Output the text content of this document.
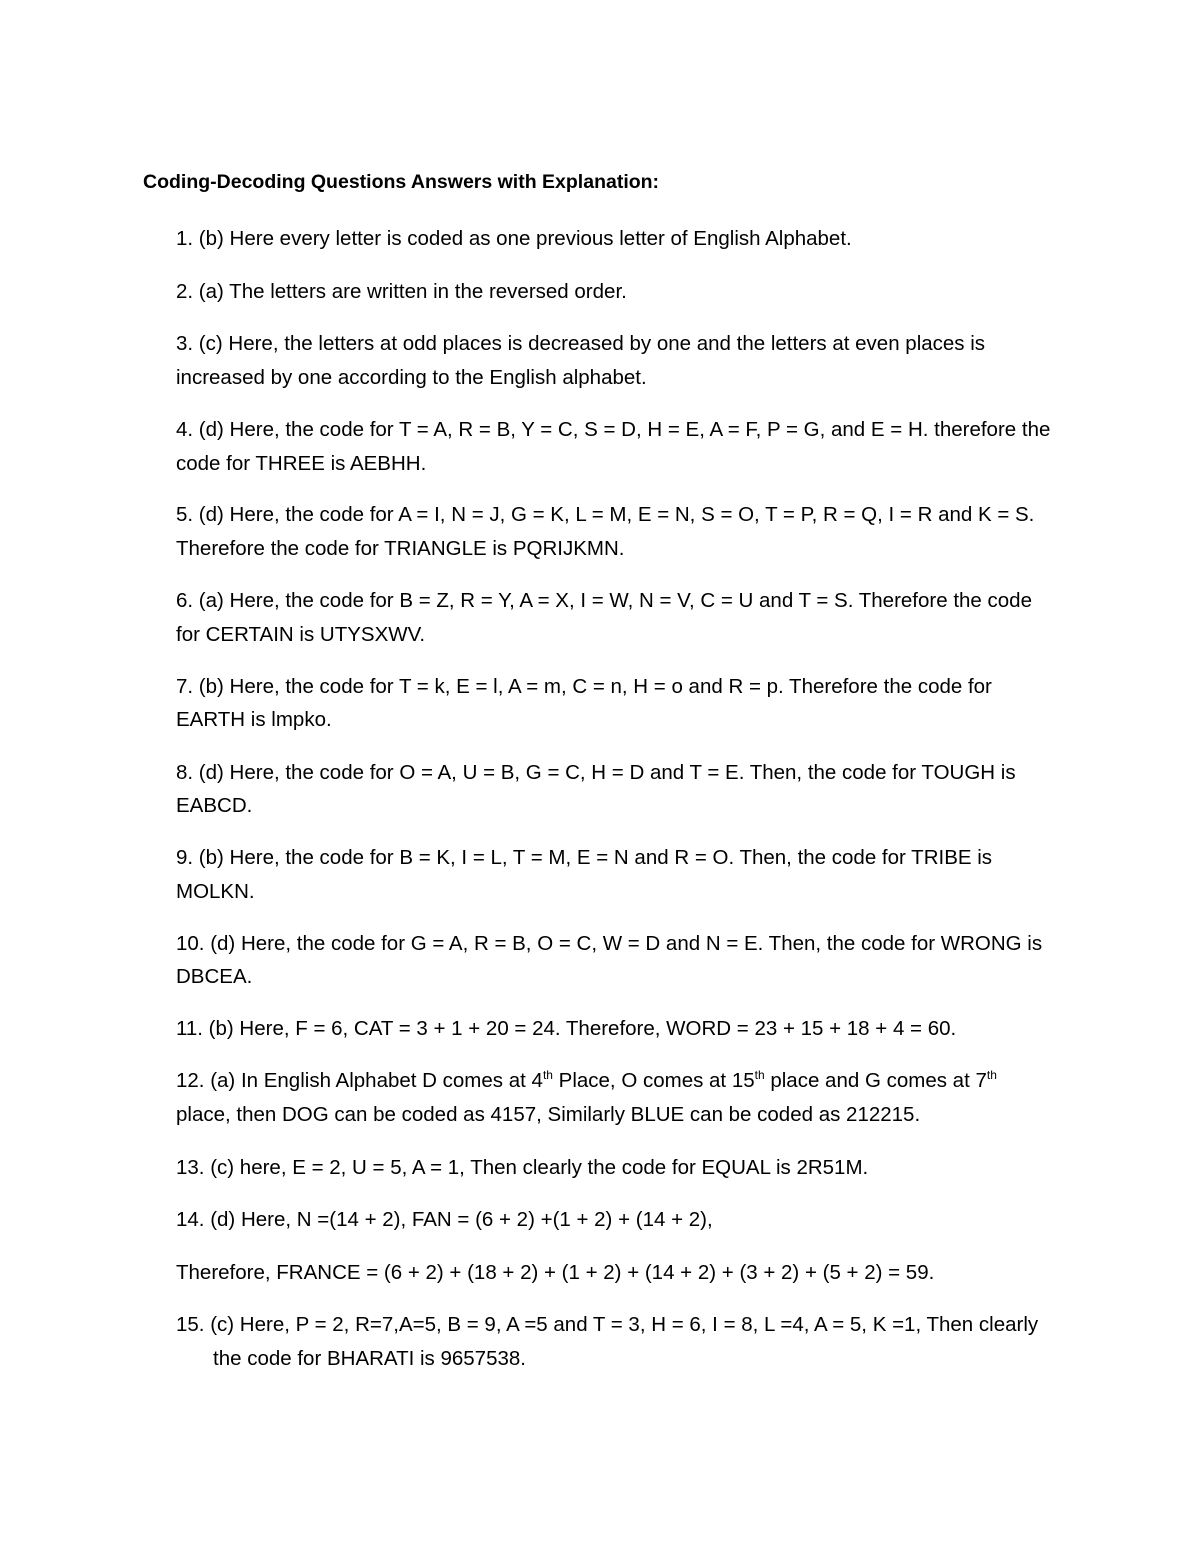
Coding-Decoding Questions Answers with Explanation:
1. (b) Here every letter is coded as one previous letter of English Alphabet.
2. (a) The letters are written in the reversed order.
3. (c) Here, the letters at odd places is decreased by one and the letters at even places is
increased by one according to the English alphabet.
4. (d) Here, the code for T = A, R = B, Y = C, S = D, H = E, A = F, P = G, and E = H. therefore the
code for THREE is AEBHH.
5. (d) Here, the code for A = I, N = J, G = K, L = M, E = N, S = O, T = P, R = Q, I = R and K = S.
Therefore the code for TRIANGLE is PQRIJKMN.
6. (a) Here, the code for B = Z, R = Y, A = X, I = W, N = V, C = U and T = S. Therefore the code
for CERTAIN is UTYSXWV.
7. (b) Here, the code for T = k, E = l, A = m, C = n, H = o and R = p. Therefore the code for
EARTH is lmpko.
8. (d) Here, the code for O = A, U = B, G = C, H = D and T = E. Then, the code for TOUGH is
EABCD.
9. (b) Here, the code for B = K, I = L, T = M, E = N and R = O. Then, the code for TRIBE is
MOLKN.
10. (d) Here, the code for G = A, R = B, O = C, W = D and N = E. Then, the code for WRONG is
DBCEA.
11. (b) Here, F = 6, CAT = 3 + 1 + 20 = 24. Therefore, WORD = 23 + 15 + 18 + 4 = 60.
12. (a) In English Alphabet D comes at 4th Place, O comes at 15th place and G comes at 7th
place, then DOG can be coded as 4157, Similarly BLUE can be coded as 212215.
13. (c) here, E = 2, U = 5, A = 1, Then clearly the code for EQUAL is 2R51M.
14. (d) Here, N =(14 + 2), FAN = (6 + 2) +(1 + 2) + (14 + 2),
Therefore, FRANCE = (6 + 2) + (18 + 2) + (1 + 2) + (14 + 2) + (3 + 2) + (5 + 2) = 59.
15. (c) Here, P = 2, R=7,A=5, B = 9, A =5 and T = 3, H = 6, I = 8, L =4, A = 5, K =1, Then clearly
the code for BHARATI is 9657538.
